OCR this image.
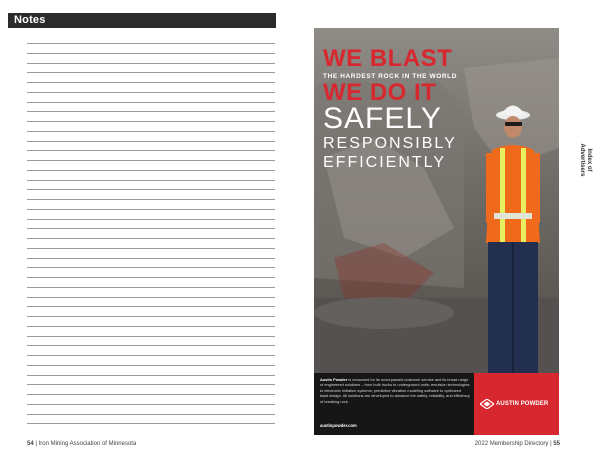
Notes
54 | Iron Mining Association of Minnesota
WE BLAST
THE HARDEST ROCK IN THE WORLD
WE DO IT
SAFELY
RESPONSIBLY
EFFICIENTLY
Austin Powder is renowned for its unsurpassed customer service and its broad range of engineered solutions – from bulk trucks to underground units; emulsion technologies to electronic initiation systems; predictive vibration modeling software to optimized blast design. All solutions are developed to advance the safety, reliability, and efficiency of breaking rock.
austinpowder.com
AUSTIN POWDER
Index of
Advertisers
2022 Membership Directory | 55
